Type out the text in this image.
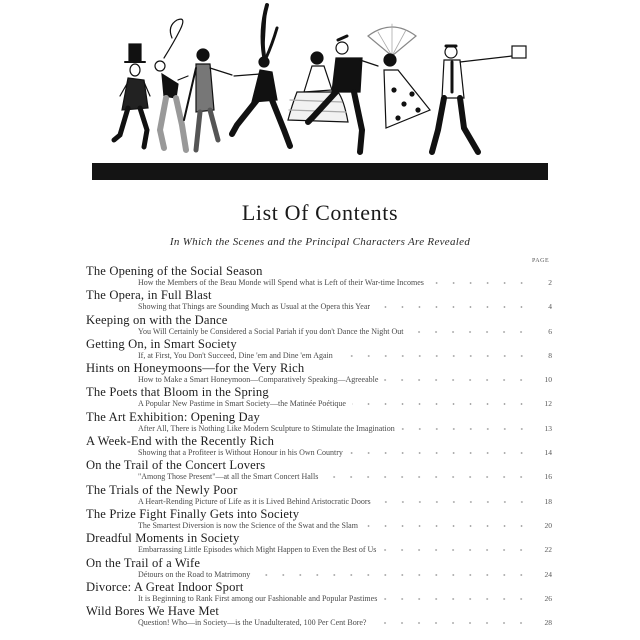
List Of Contents
In Which the Scenes and the Principal Characters Are Revealed
PAGE
The Opening of the Social Season
How the Members of the Beau Monde will Spend what is Left of their War-time Incomes	2
The Opera, in Full Blast
Showing that Things are Sounding Much as Usual at the Opera this Year	4
Keeping on with the Dance
You Will Certainly be Considered a Social Pariah if you don't Dance the Night Out	6
Getting On, in Smart Society
If, at First, You Don't Succeed, Dine 'em and Dine 'em Again	8
Hints on Honeymoons—for the Very Rich
How to Make a Smart Honeymoon—Comparatively Speaking—Agreeable	10
The Poets that Bloom in the Spring
A Popular New Pastime in Smart Society—the Matinée Poétique	12
The Art Exhibition: Opening Day
After All, There is Nothing Like Modern Sculpture to Stimulate the Imagination	13
A Week-End with the Recently Rich
Showing that a Profiteer is Without Honour in his Own Country	14
On the Trail of the Concert Lovers
"Among Those Present"—at all the Smart Concert Halls	16
The Trials of the Newly Poor
A Heart-Rending Picture of Life as it is Lived Behind Aristocratic Doors	18
The Prize Fight Finally Gets into Society
The Smartest Diversion is now the Science of the Swat and the Slam	20
Dreadful Moments in Society
Embarrassing Little Episodes which Might Happen to Even the Best of Us	22
On the Trail of a Wife
Détours on the Road to Matrimony	24
Divorce: A Great Indoor Sport
It is Beginning to Rank First among our Fashionable and Popular Pastimes	26
Wild Bores We Have Met
Question! Who—in Society—is the Unadulterated, 100 Per Cent Bore?	28
